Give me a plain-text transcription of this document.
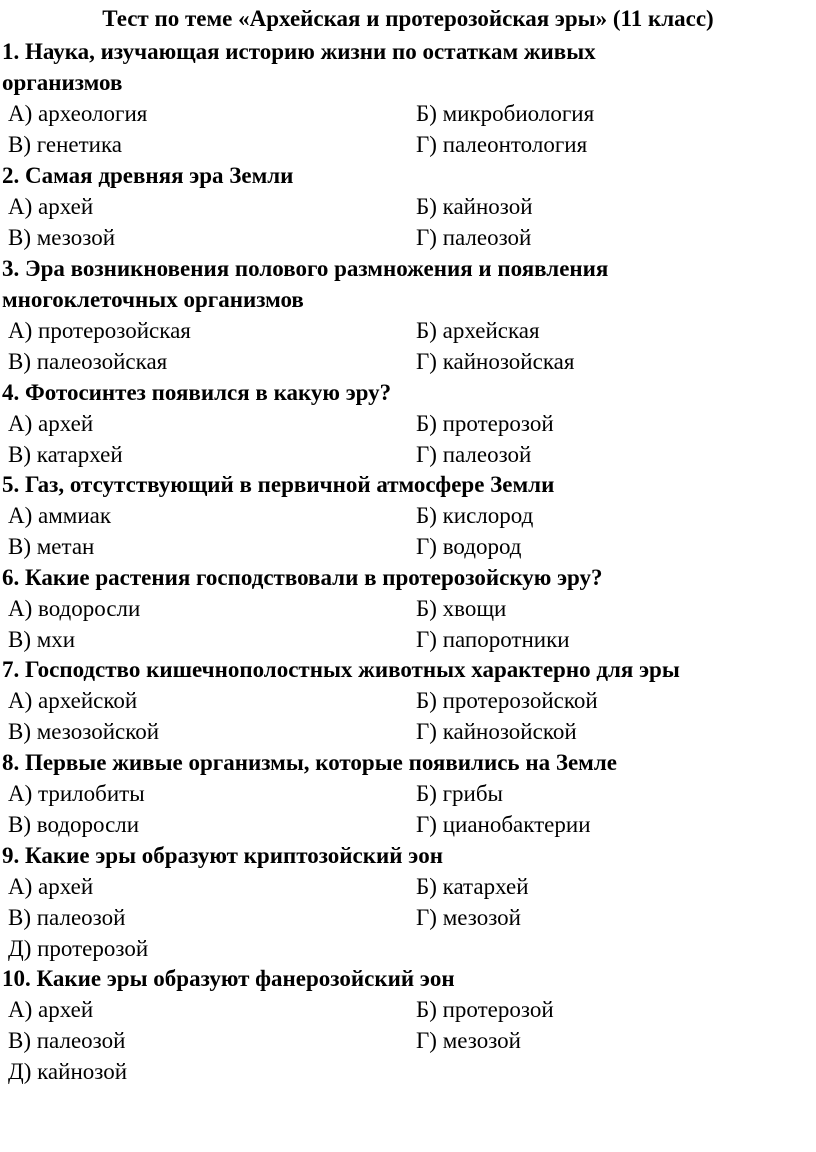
Тест по теме «Архейская и протерозойская эры» (11 класс)
1. Наука, изучающая историю жизни по остаткам живых
организмов
А) археология	Б) микробиология
В) генетика	Г) палеонтология
2. Самая древняя эра Земли
А) архей	Б) кайнозой
В) мезозой	Г) палеозой
3. Эра возникновения полового размножения и появления
многоклеточных организмов
А) протерозойская	Б) архейская
В) палеозойская	Г) кайнозойская
4. Фотосинтез появился в какую эру?
А) архей	Б) протерозой
В) катархей	Г) палеозой
5. Газ, отсутствующий в первичной атмосфере Земли
А) аммиак	Б) кислород
В) метан	Г) водород
6. Какие растения господствовали в протерозойскую эру?
А) водоросли	Б) хвощи
В) мхи	Г) папоротники
7. Господство кишечнополостных животных характерно для эры
А) архейской	Б) протерозойской
В) мезозойской	Г) кайнозойской
8. Первые живые организмы, которые появились на Земле
А) трилобиты	Б) грибы
В) водоросли	Г) цианобактерии
9. Какие эры образуют криптозойский эон
А) архей	Б) катархей
В) палеозой	Г) мезозой
Д) протерозой
10. Какие эры образуют фанерозойский эон
А) архей	Б) протерозой
В) палеозой	Г) мезозой
Д) кайнозой
